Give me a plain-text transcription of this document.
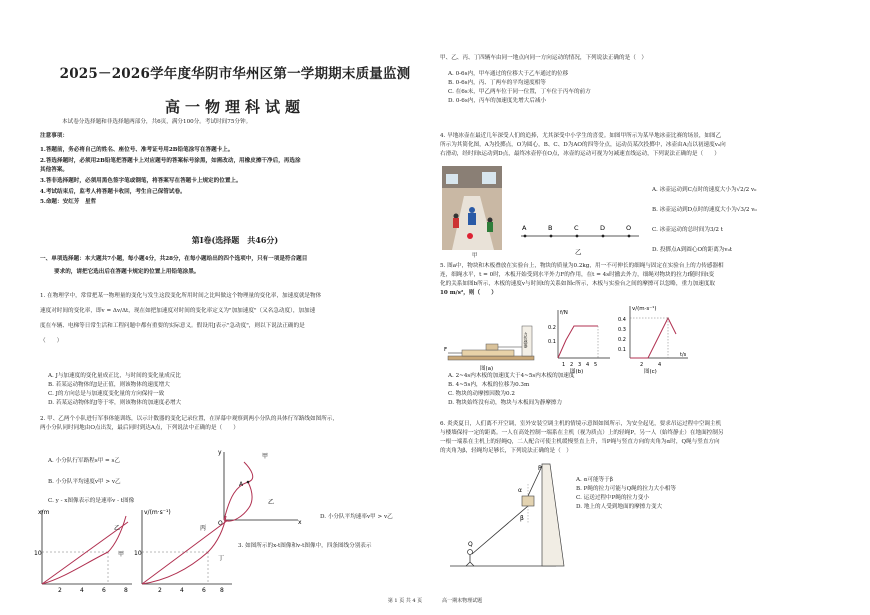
2025－2026学年度华阴市华州区第一学期期末质量监测
高一物理科试题
本试卷分选择题和非选择题两部分，共6页，满分100分。考试时间75分钟。
注意事项：
1.答题前，务必将自己的姓名、座位号、准考证号用2B铅笔涂写在答题卡上。
2.答选择题时，必须用2B铅笔把答题卡上对应题号的答案标号涂黑，如需改动，用橡皮擦干净后，再选涂
其他答案。
3.答非选择题时，必须用黑色签字笔或钢笔，将答案写在答题卡上规定的位置上。
4.考试结束后，监考人将答题卡收回，考生自己保管试卷。
5.命题：安红芳　星哲
第Ⅰ卷(选择题　共46分)
一、单项选择题：本大题共7小题，每小题4分，共28分，在每小题给出的四个选项中，只有一项是符合题目
要求的，请把它选出后在答题卡规定的位置上用铅笔涂黑。
1. 在物理学中，常常把某一物理量的变化与发生这段变化所用时间之比叫做这个物理量的变化率，加速度就是物体
速度对时间的变化率，即v = Δv/Δt，现在如把加速度对时间的变化率定义为"加加速度"（又名急动度），加加速
度在车辆、电梯等日常生活和工程问题中都有重要的实际意义。假设用J表示"急动度"，则以下说法正确的是
（　　）
A. J与加速度的变化量成正比，与时间的变化量成反比
B. 若某运动物体的J是正值，则该物体的速度增大
C. J的方向总是与加速度变化量的方向保持一致
D. 若某运动物体的J等于零，则该物体的加速度必增大
2. 甲、乙两个小队进行军事体能训练，以示计数器的变化记录位置，在屏幕中观察到两小分队的具体行军路线如图所示，
两小分队同时同地由O点出发，最后同时到达A点，下列说法中正确的是（　　）
A. 小分队行军路程s甲 = s乙
B. 小分队平均速度v甲 > v乙
C. y - x图像表示的是速率v - t图像
D. 小分队平均速率v甲 > v乙
x
y
O
A
甲
乙
x/m
10
乙
甲
2	4	6	8
v/(m·s⁻¹)
10
丙
丁
2	4	6 8
3. 如图所示的x-t图像和v-t图像中，四条图线分别表示
第 1 页 共 4 页　　　　高一期末物理试题
甲、乙、丙、丁四辆车由同一地点向同一方向运动的情况，下列说法正确的是（　）
A. 0-6s内，甲车通过的位移大于乙车通过的位移
B. 0-6s内，丙、丁两车的平均速度相等
C. 在6s末，甲乙两车位于同一位置，丁车位于丙车的前方
D. 0-6s内，丙车的加速度先增大后减小
4. 旱地冰壶在最近几年深受人们的追捧，尤其深受中小学生的喜爱。如图甲所示为某旱地冰壶比赛的场景，如图乙
所示为其简化图，A为投掷点，O为圆心，B、C、D为AO的四等分点，运动员某次投掷中，冰壶由A点以初速度v₀向
右滑动，经时间t运动到D点，最终冰壶停在O点，冰壶的运动可视为匀减速直线运动，下列说法正确的是（　　）
甲
A	B	C	D	O
乙
A. 冰壶运动到C点时的速度大小为√2/2 v₀
B. 冰壶运动到D点时的速度大小为√3/2 v₀
C. 冰壶运动的总时间为3/2 t
D. 投掷点A到圆心O的距离为v₀t
5. 图a中，物块和木板叠放在实验台上，物块的质量为0.2kg，用一不可伸长的细绳与固定在实验台上的力传感器相
连，细绳水平，t = 0时，木板开始受到水平外力F的作用，在t = 4s时撤去外力，细绳对物块的拉力f随时间t变
化的关系如图b所示，木板的速度v与时间t的关系如图c所示，木板与实验台之间的摩擦可以忽略，重力加速度取
10 m/s²，则（　　）
F
力传感器
图(a)
f/N
0.2
0.1
1 2 3 4 5
图(b)
v/(m·s⁻¹)
t/s
0.4
0.3
0.2
0.1
2	4
图(c)
A. 2~4s内木板的加速度大于4~5s内木板的加速度
B. 4~5s内，木板的位移为0.3m
C. 物块的动摩擦因数为0.2
D. 物块始终没有动，物块与木板间为静摩擦力
6. 炎炎夏日，人们离不开空调，室外安装空调主机的情境示意图如图所示，为安全起见，要求吊运过程中空调主机
与楼墙保持一定的距离。一人在高处控制一端系在主机（视为质点）上的轻绳P，另一人（始终静止）在地面控制另
一根一端系在主机上的轻绳Q，二人配合可使主机缓慢竖直上升，当P绳与竖直方向的夹角为α时，Q绳与竖直方向
的夹角为β，轻绳均足够长，下列说法正确的是（　）
P
Q
α
β
A. α可能等于β
B. P绳的拉力可能与Q绳的拉力大小相等
C. 运送过程中P绳的拉力变小
D. 地上的人受到地面的摩擦力变大
